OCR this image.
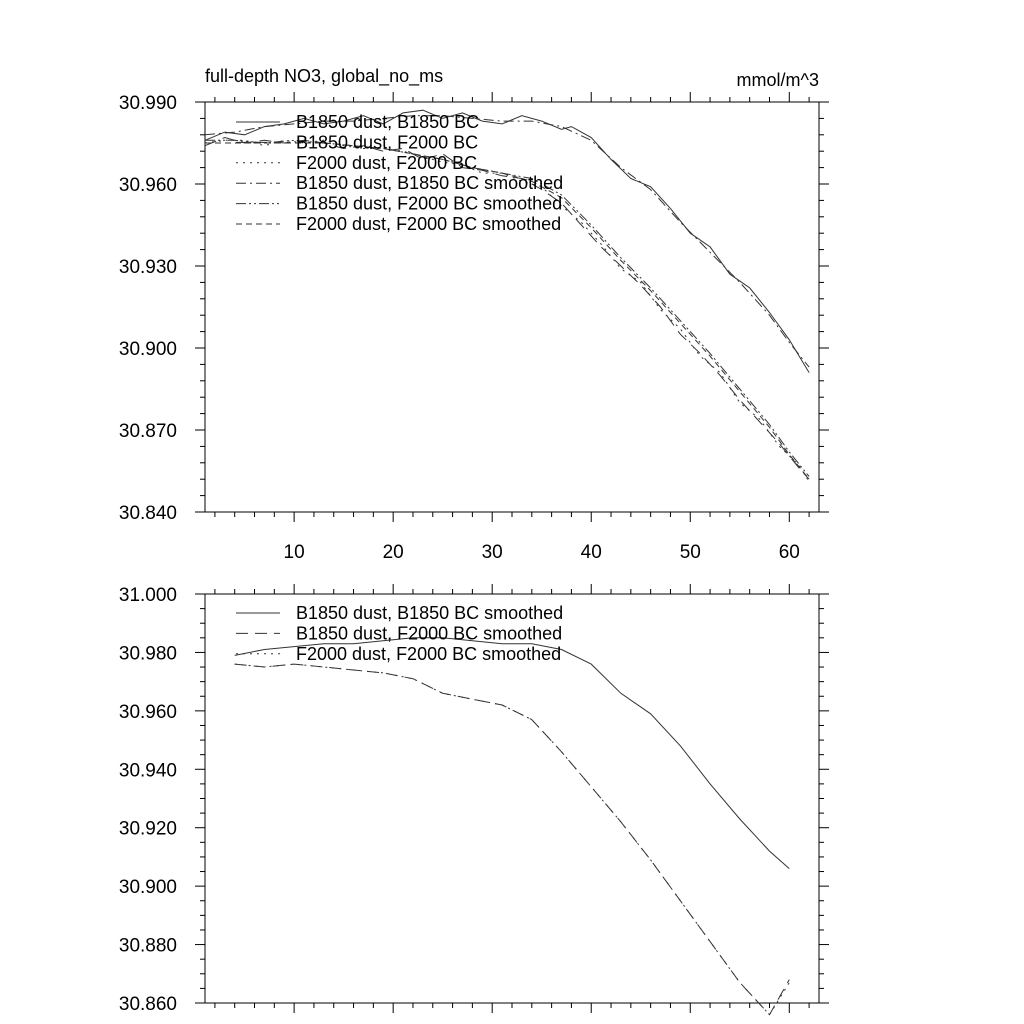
full-depth NO3, global_no_ms	mmol/m^3
10	20	30	40	50	60
30.840
30.870
30.900
30.930
30.960
30.990
B1850 dust, B1850 BC
B1850 dust, F2000 BC
F2000 dust, F2000 BC
B1850 dust, B1850 BC smoothed
B1850 dust, F2000 BC smoothed
F2000 dust, F2000 BC smoothed
30.860
30.880
30.900
30.920
30.940
30.960
30.980
31.000
B1850 dust, B1850 BC smoothed
B1850 dust, F2000 BC smoothed
F2000 dust, F2000 BC smoothed
